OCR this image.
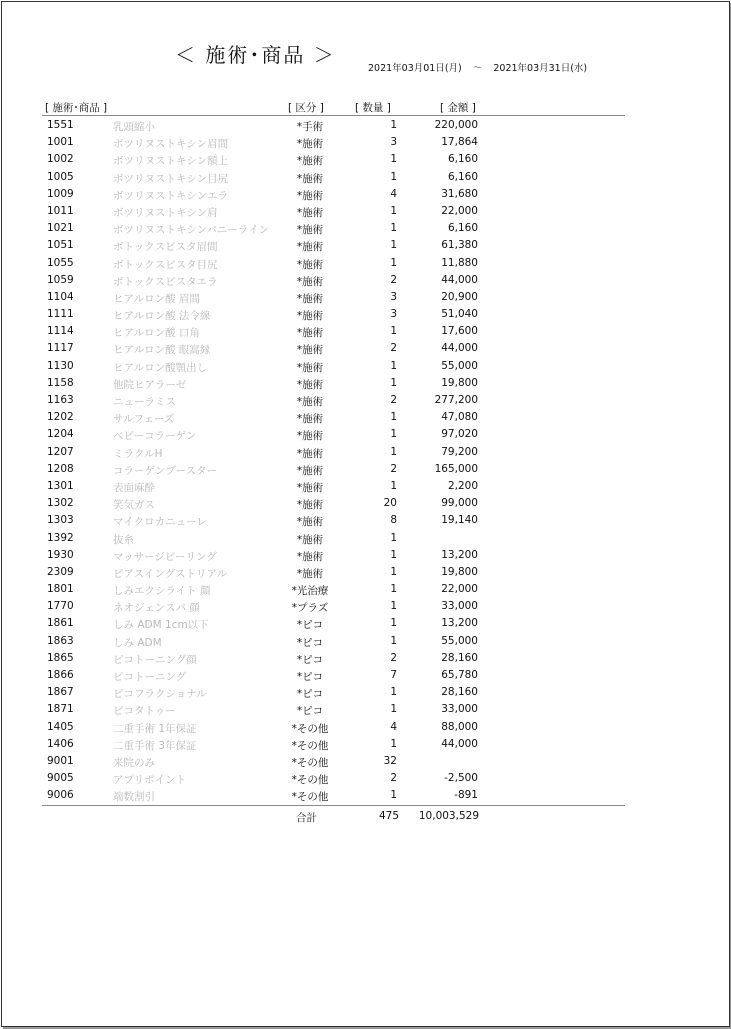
＜ 施術･商品 ＞
2021年03月01日(月) ～ 2021年03月31日(水)
[ 施術･商品 ]	[ 区分 ]	[ 数量 ]	[ 金額 ]
1551	乳頭縮小	*手術	1	220,000
1001	ボツリヌストキシン眉間	*施術	3	17,864
1002	ボツリヌストキシン額上	*施術	1	6,160
1005	ボツリヌストキシン目尻	*施術	1	6,160
1009	ボツリヌストキシンエラ	*施術	4	31,680
1011	ボツリヌストキシン肩	*施術	1	22,000
1021	ボツリヌストキシンバニーライン	*施術	1	6,160
1051	ボトックスビスタ眉間	*施術	1	61,380
1055	ボトックスビスタ目尻	*施術	1	11,880
1059	ボトックスビスタエラ	*施術	2	44,000
1104	ヒアルロン酸 眉間	*施術	3	20,900
1111	ヒアルロン酸 法令線	*施術	3	51,040
1114	ヒアルロン酸 口角	*施術	1	17,600
1117	ヒアルロン酸 眼窩縁	*施術	2	44,000
1130	ヒアルロン酸顎出し	*施術	1	55,000
1158	他院ヒアラーゼ	*施術	1	19,800
1163	ニューラミス	*施術	2	277,200
1202	サルフェーズ	*施術	1	47,080
1204	ベビーコラーゲン	*施術	1	97,020
1207	ミラクルH	*施術	1	79,200
1208	コラーゲンブースター	*施術	2	165,000
1301	表面麻酔	*施術	1	2,200
1302	笑気ガス	*施術	20	99,000
1303	マイクロカニューレ	*施術	8	19,140
1392	抜糸	*施術	1
1930	マッサージピーリング	*施術	1	13,200
2309	ピアスイングストリアル	*施術	1	19,800
1801	しみエクシライト 顔	*光治療	1	22,000
1770	ネオジェンスパ 顔	*プラズ	1	33,000
1861	しみ ADM 1cm以下	*ピコ	1	13,200
1863	しみ ADM	*ピコ	1	55,000
1865	ピコトーニング顔	*ピコ	2	28,160
1866	ピコトーニング	*ピコ	7	65,780
1867	ピコフラクショナル	*ピコ	1	28,160
1871	ピコタトゥー	*ピコ	1	33,000
1405	二重手術 1年保証	*その他	4	88,000
1406	二重手術 3年保証	*その他	1	44,000
9001	来院のみ	*その他	32
9005	アプリポイント	*その他	2	-2,500
9006	端数割引	*その他	1	-891
合計	475	10,003,529
